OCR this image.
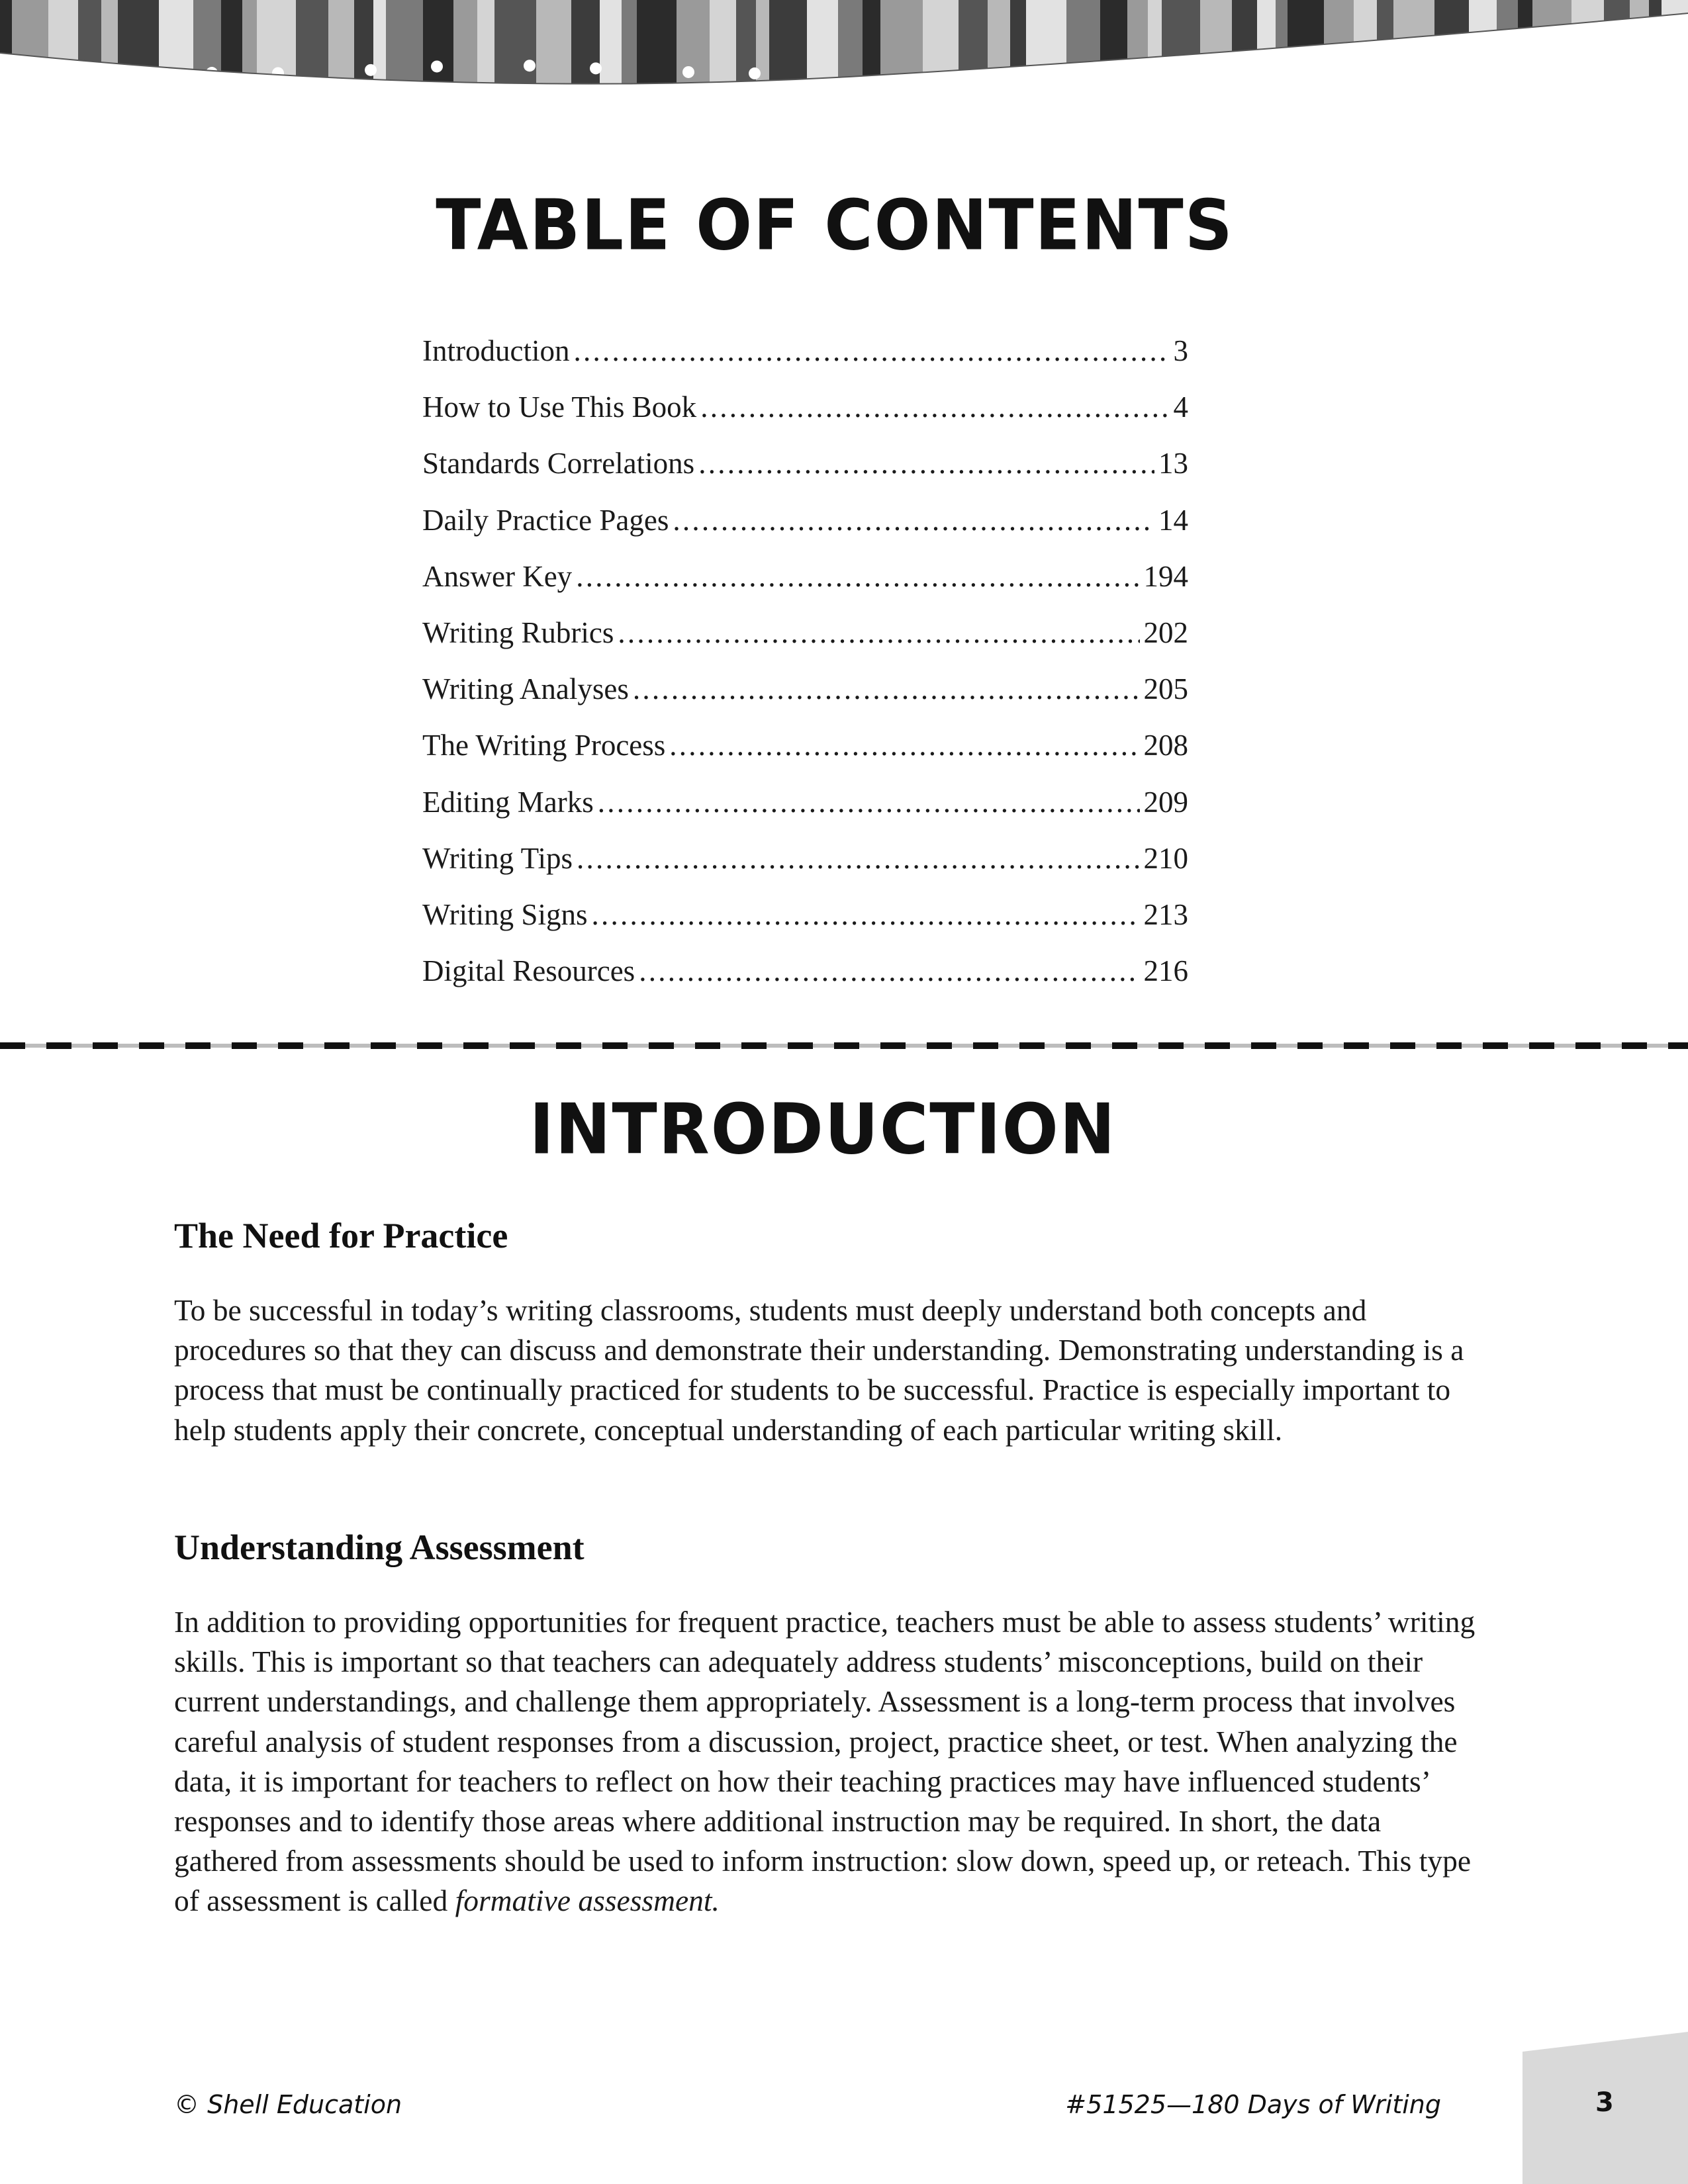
TABLE OF CONTENTS
Introduction . . .	3
How to Use This Book . . .	4
Standards Correlations . . .	13
Daily Practice Pages . . .	14
Answer Key . . .	194
Writing Rubrics . . .	202
Writing Analyses . . .	205
The Writing Process . . .	208
Editing Marks . . .	209
Writing Tips . . .	210
Writing Signs . . .	213
Digital Resources . . .	216
INTRODUCTION
The Need for Practice

To be successful in today’s writing classrooms, students must deeply understand both concepts and procedures so that they can discuss and demonstrate their understanding. Demonstrating understanding is a process that must be continually practiced for students to be successful. Practice is especially important to help students apply their concrete, conceptual understanding of each particular writing skill.

Understanding Assessment

In addition to providing opportunities for frequent practice, teachers must be able to assess students’ writing skills. This is important so that teachers can adequately address students’ misconceptions, build on their current understandings, and challenge them appropriately. Assessment is a long-term process that involves careful analysis of student responses from a discussion, project, practice sheet, or test. When analyzing the data, it is important for teachers to reflect on how their teaching practices may have influenced students’ responses and to identify those areas where additional instruction may be required. In short, the data gathered from assessments should be used to inform instruction: slow down, speed up, or reteach. This type of assessment is called formative assessment.

© Shell Education	#51525—180 Days of Writing	3
